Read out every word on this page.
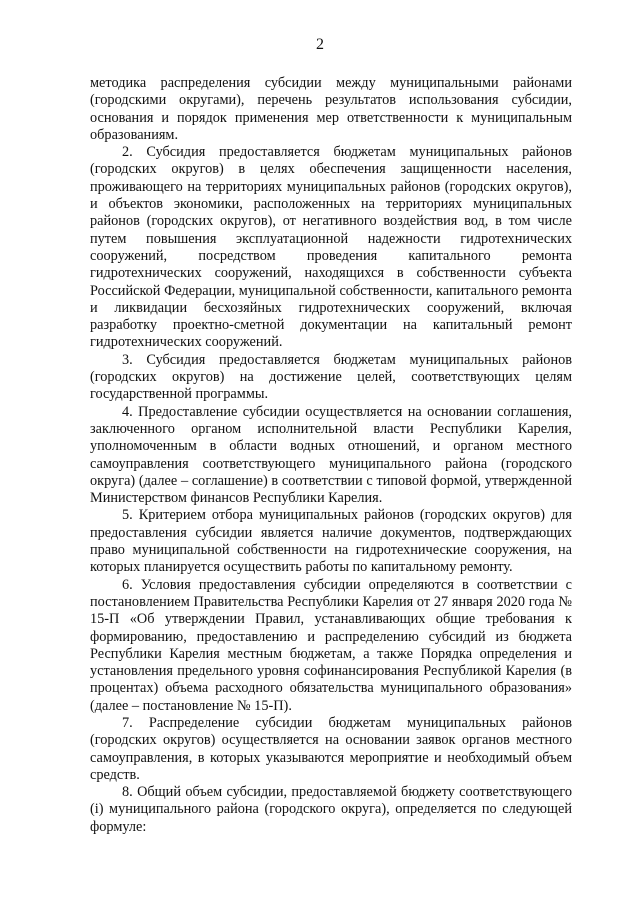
2

методика распределения субсидии между муниципальными районами (городскими округами), перечень результатов использования субсидии, основания и порядок применения мер ответственности к муниципальным образованиям.

2. Субсидия предоставляется бюджетам муниципальных районов (городских округов) в целях обеспечения защищенности населения, проживающего на территориях муниципальных районов (городских округов), и объектов экономики, расположенных на территориях муниципальных районов (городских округов), от негативного воздействия вод, в том числе путем повышения эксплуатационной надежности гидротехнических сооружений, посредством проведения капитального ремонта гидротехнических сооружений, находящихся в собственности субъекта Российской Федерации, муниципальной собственности, капитального ремонта и ликвидации бесхозяйных гидротехнических сооружений, включая разработку проектно-сметной документации на капитальный ремонт гидротехнических сооружений.

3. Субсидия предоставляется бюджетам муниципальных районов (городских округов) на достижение целей, соответствующих целям государственной программы.

4. Предоставление субсидии осуществляется на основании соглашения, заключенного органом исполнительной власти Республики Карелия, уполномоченным в области водных отношений, и органом местного самоуправления соответствующего муниципального района (городского округа) (далее – соглашение) в соответствии с типовой формой, утвержденной Министерством финансов Республики Карелия.

5. Критерием отбора муниципальных районов (городских округов) для предоставления субсидии является наличие документов, подтверждающих право муниципальной собственности на гидротехнические сооружения, на которых планируется осуществить работы по капитальному ремонту.

6. Условия предоставления субсидии определяются в соответствии с постановлением Правительства Республики Карелия от 27 января 2020 года № 15-П «Об утверждении Правил, устанавливающих общие требования к формированию, предоставлению и распределению субсидий из бюджета Республики Карелия местным бюджетам, а также Порядка определения и установления предельного уровня софинансирования Республикой Карелия (в процентах) объема расходного обязательства муниципального образования» (далее – постановление № 15-П).

7. Распределение субсидии бюджетам муниципальных районов (городских округов) осуществляется на основании заявок органов местного самоуправления, в которых указываются мероприятие и необходимый объем средств.

8. Общий объем субсидии, предоставляемой бюджету соответствующего (i) муниципального района (городского округа), определяется по следующей формуле:
